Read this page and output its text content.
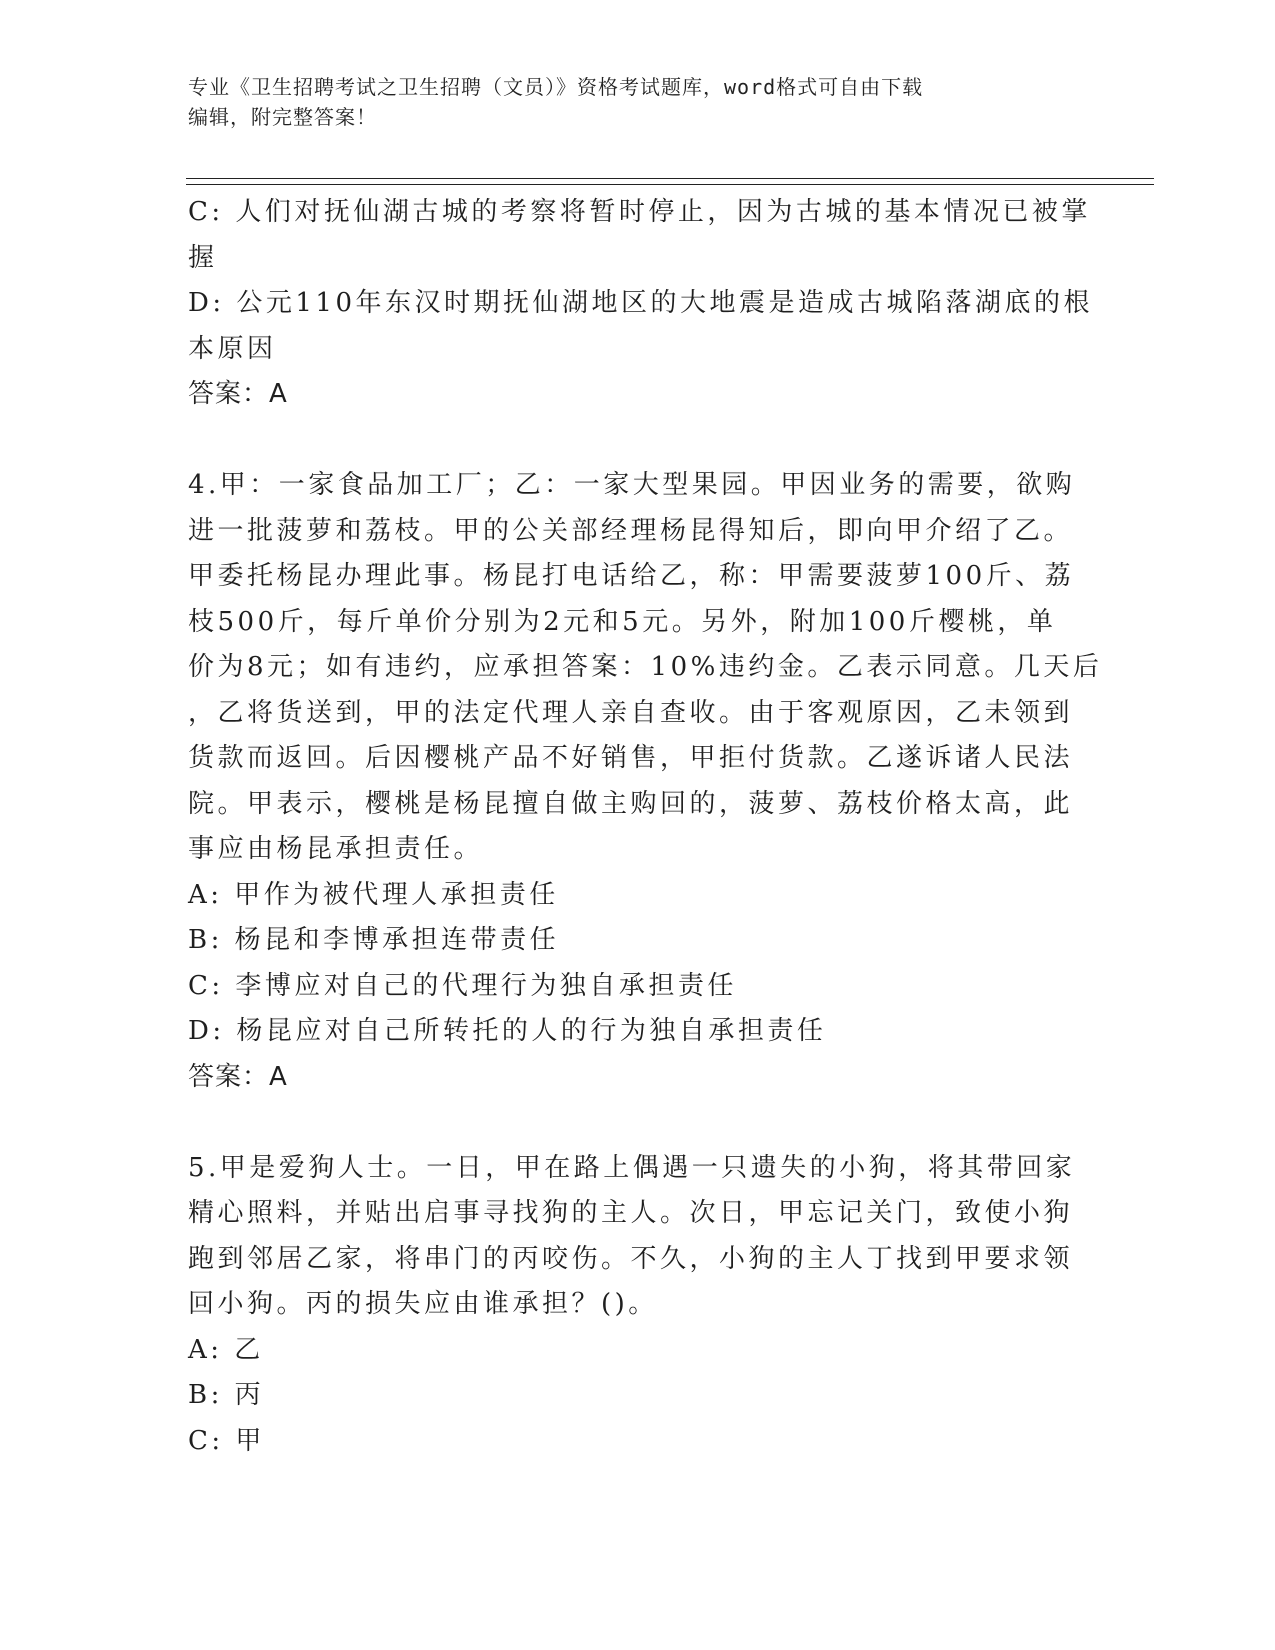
专业《卫生招聘考试之卫生招聘（文员）》资格考试题库，word格式可自由下载
编辑，附完整答案！
C: 人们对抚仙湖古城的考察将暂时停止，因为古城的基本情况已被掌
握
D: 公元110年东汉时期抚仙湖地区的大地震是造成古城陷落湖底的根
本原因
答案：A
4.甲：一家食品加工厂；乙：一家大型果园。甲因业务的需要，欲购
进一批菠萝和荔枝。甲的公关部经理杨昆得知后，即向甲介绍了乙。
甲委托杨昆办理此事。杨昆打电话给乙，称：甲需要菠萝100斤、荔
枝500斤，每斤单价分别为2元和5元。另外，附加100斤樱桃，单
价为8元；如有违约，应承担答案：10%违约金。乙表示同意。几天后
，乙将货送到，甲的法定代理人亲自查收。由于客观原因，乙未领到
货款而返回。后因樱桃产品不好销售，甲拒付货款。乙遂诉诸人民法
院。甲表示，樱桃是杨昆擅自做主购回的，菠萝、荔枝价格太高，此
事应由杨昆承担责任。
A: 甲作为被代理人承担责任
B: 杨昆和李博承担连带责任
C: 李博应对自己的代理行为独自承担责任
D: 杨昆应对自己所转托的人的行为独自承担责任
答案：A
5.甲是爱狗人士。一日，甲在路上偶遇一只遗失的小狗，将其带回家
精心照料，并贴出启事寻找狗的主人。次日，甲忘记关门，致使小狗
跑到邻居乙家，将串门的丙咬伤。不久，小狗的主人丁找到甲要求领
回小狗。丙的损失应由谁承担？()。
A: 乙
B: 丙
C: 甲
